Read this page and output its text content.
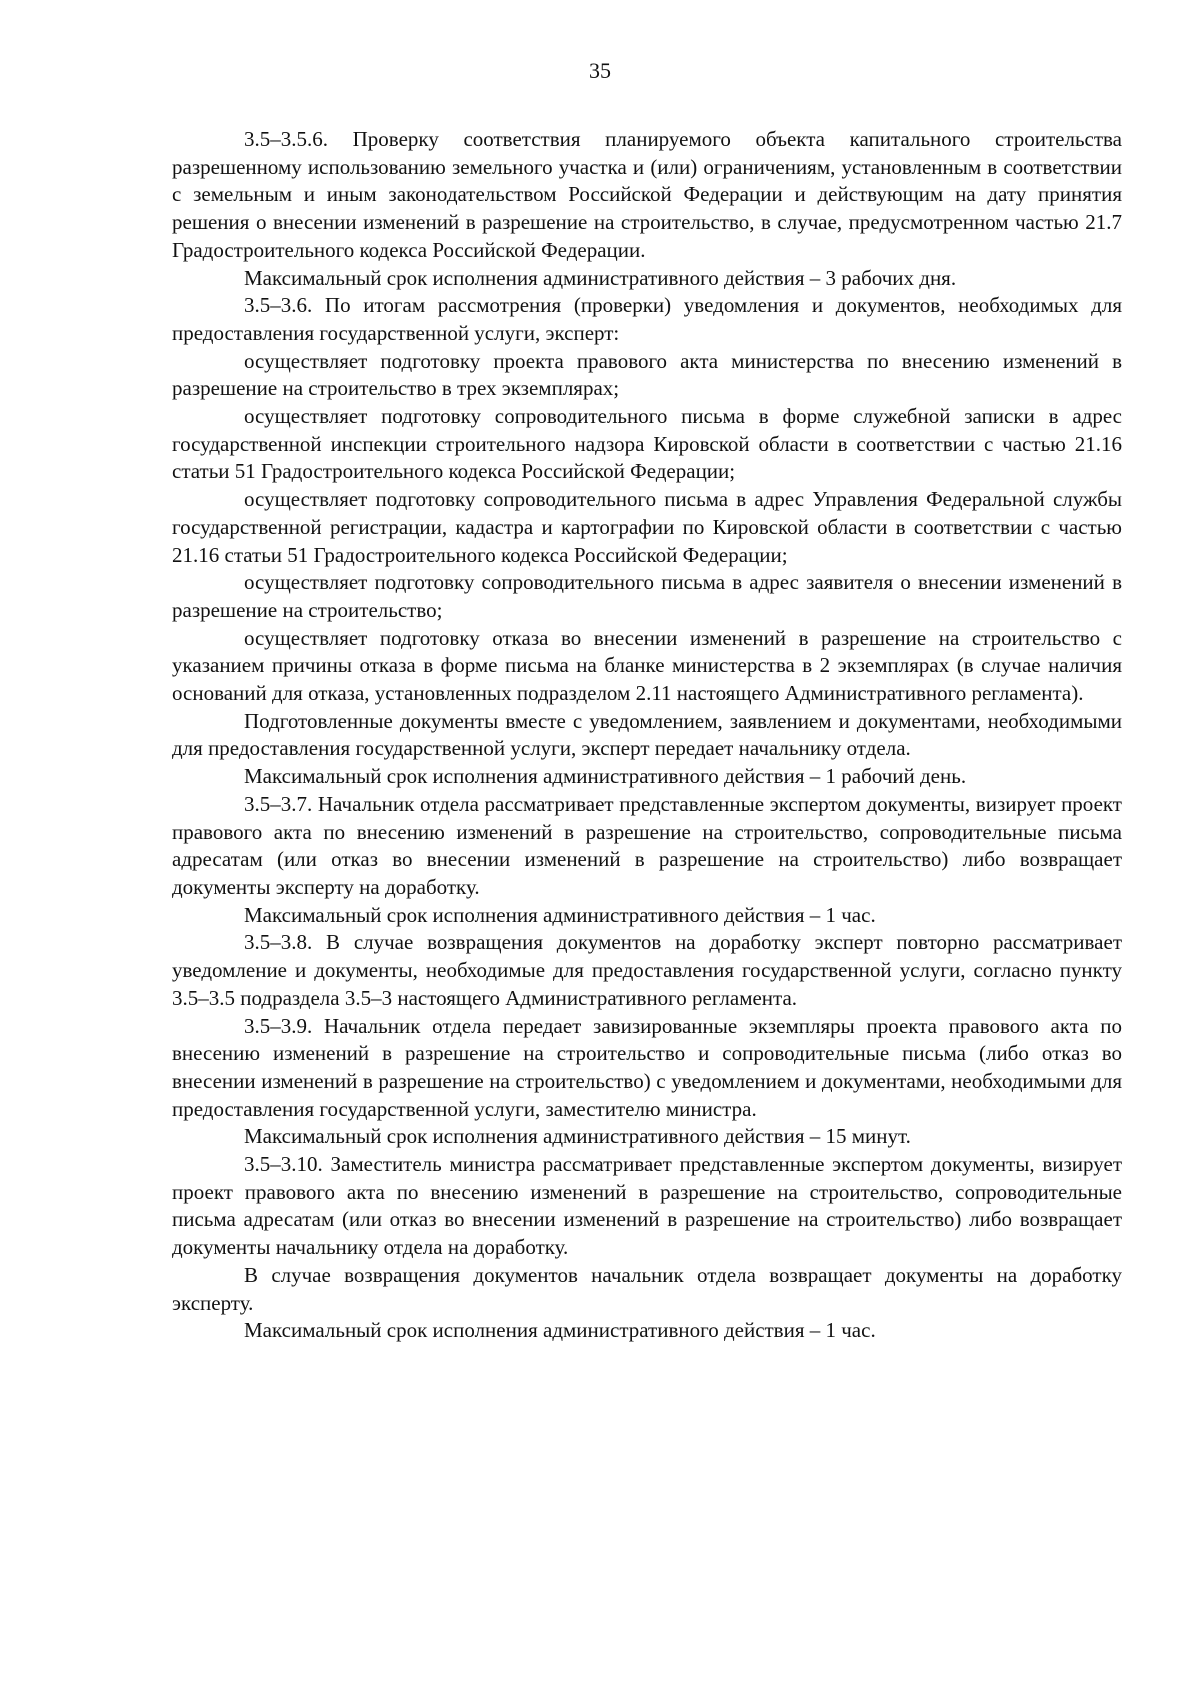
35

3.5–3.5.6. Проверку соответствия планируемого объекта капитального строительства разрешенному использованию земельного участка и (или) ограничениям, установленным в соответствии с земельным и иным законодательством Российской Федерации и действующим на дату принятия решения о внесении изменений в разрешение на строительство, в случае, предусмотренном частью 21.7 Градостроительного кодекса Российской Федерации.

Максимальный срок исполнения административного действия – 3 рабочих дня.

3.5–3.6. По итогам рассмотрения (проверки) уведомления и документов, необходимых для предоставления государственной услуги, эксперт:

осуществляет подготовку проекта правового акта министерства по внесению изменений в разрешение на строительство в трех экземплярах;

осуществляет подготовку сопроводительного письма в форме служебной записки в адрес государственной инспекции строительного надзора Кировской области в соответствии с частью 21.16 статьи 51 Градостроительного кодекса Российской Федерации;

осуществляет подготовку сопроводительного письма в адрес Управления Федеральной службы государственной регистрации, кадастра и картографии по Кировской области в соответствии с частью 21.16 статьи 51 Градостроительного кодекса Российской Федерации;

осуществляет подготовку сопроводительного письма в адрес заявителя о внесении изменений в разрешение на строительство;

осуществляет подготовку отказа во внесении изменений в разрешение на строительство с указанием причины отказа в форме письма на бланке министерства в 2 экземплярах (в случае наличия оснований для отказа, установленных подразделом 2.11 настоящего Административного регламента).

Подготовленные документы вместе с уведомлением, заявлением и документами, необходимыми для предоставления государственной услуги, эксперт передает начальнику отдела.

Максимальный срок исполнения административного действия – 1 рабочий день.

3.5–3.7. Начальник отдела рассматривает представленные экспертом документы, визирует проект правового акта по внесению изменений в разрешение на строительство, сопроводительные письма адресатам (или отказ во внесении изменений в разрешение на строительство) либо возвращает документы эксперту на доработку.

Максимальный срок исполнения административного действия – 1 час.

3.5–3.8. В случае возвращения документов на доработку эксперт повторно рассматривает уведомление и документы, необходимые для предоставления государственной услуги, согласно пункту 3.5–3.5 подраздела 3.5–3 настоящего Административного регламента.

3.5–3.9. Начальник отдела передает завизированные экземпляры проекта правового акта по внесению изменений в разрешение на строительство и сопроводительные письма (либо отказ во внесении изменений в разрешение на строительство) с уведомлением и документами, необходимыми для предоставления государственной услуги, заместителю министра.

Максимальный срок исполнения административного действия – 15 минут.

3.5–3.10. Заместитель министра рассматривает представленные экспертом документы, визирует проект правового акта по внесению изменений в разрешение на строительство, сопроводительные письма адресатам (или отказ во внесении изменений в разрешение на строительство) либо возвращает документы начальнику отдела на доработку.

В случае возвращения документов начальник отдела возвращает документы на доработку эксперту.

Максимальный срок исполнения административного действия – 1 час.
